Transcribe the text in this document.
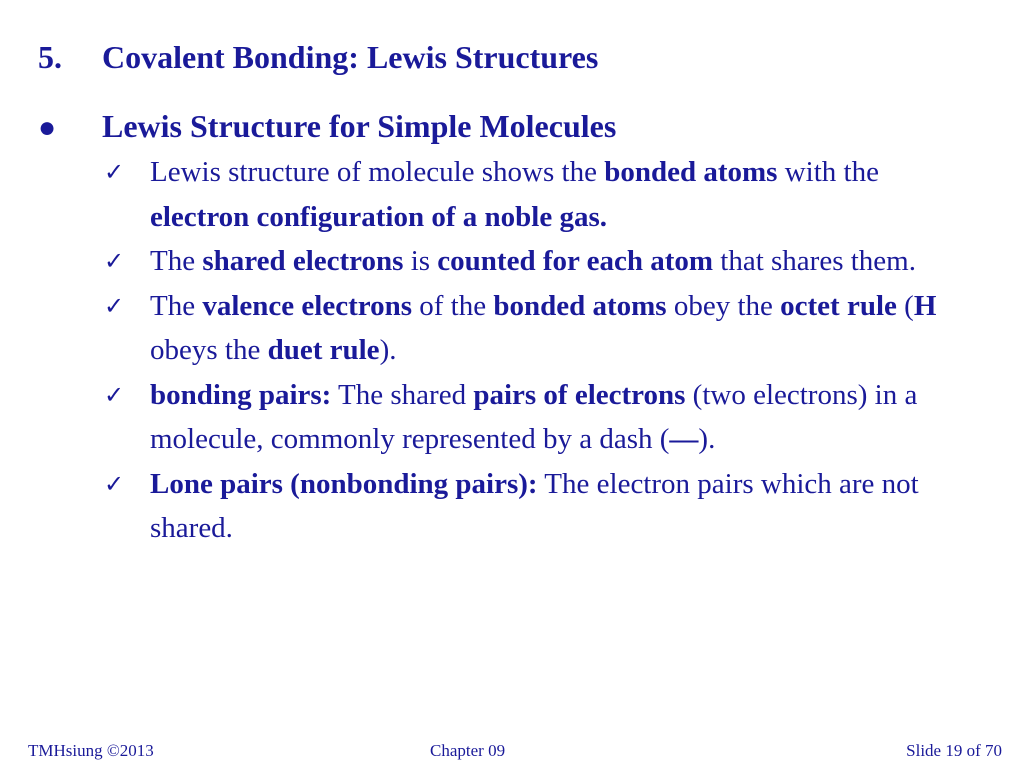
5. Covalent Bonding: Lewis Structures
● Lewis Structure for Simple Molecules
✓ Lewis structure of molecule shows the bonded atoms with the electron configuration of a noble gas.
✓ The shared electrons is counted for each atom that shares them.
✓ The valence electrons of the bonded atoms obey the octet rule (H obeys the duet rule).
✓ bonding pairs: The shared pairs of electrons (two electrons) in a molecule, commonly represented by a dash (—).
✓ Lone pairs (nonbonding pairs): The electron pairs which are not shared.
TMHsiung ©2013	Chapter 09	Slide 19 of 70
